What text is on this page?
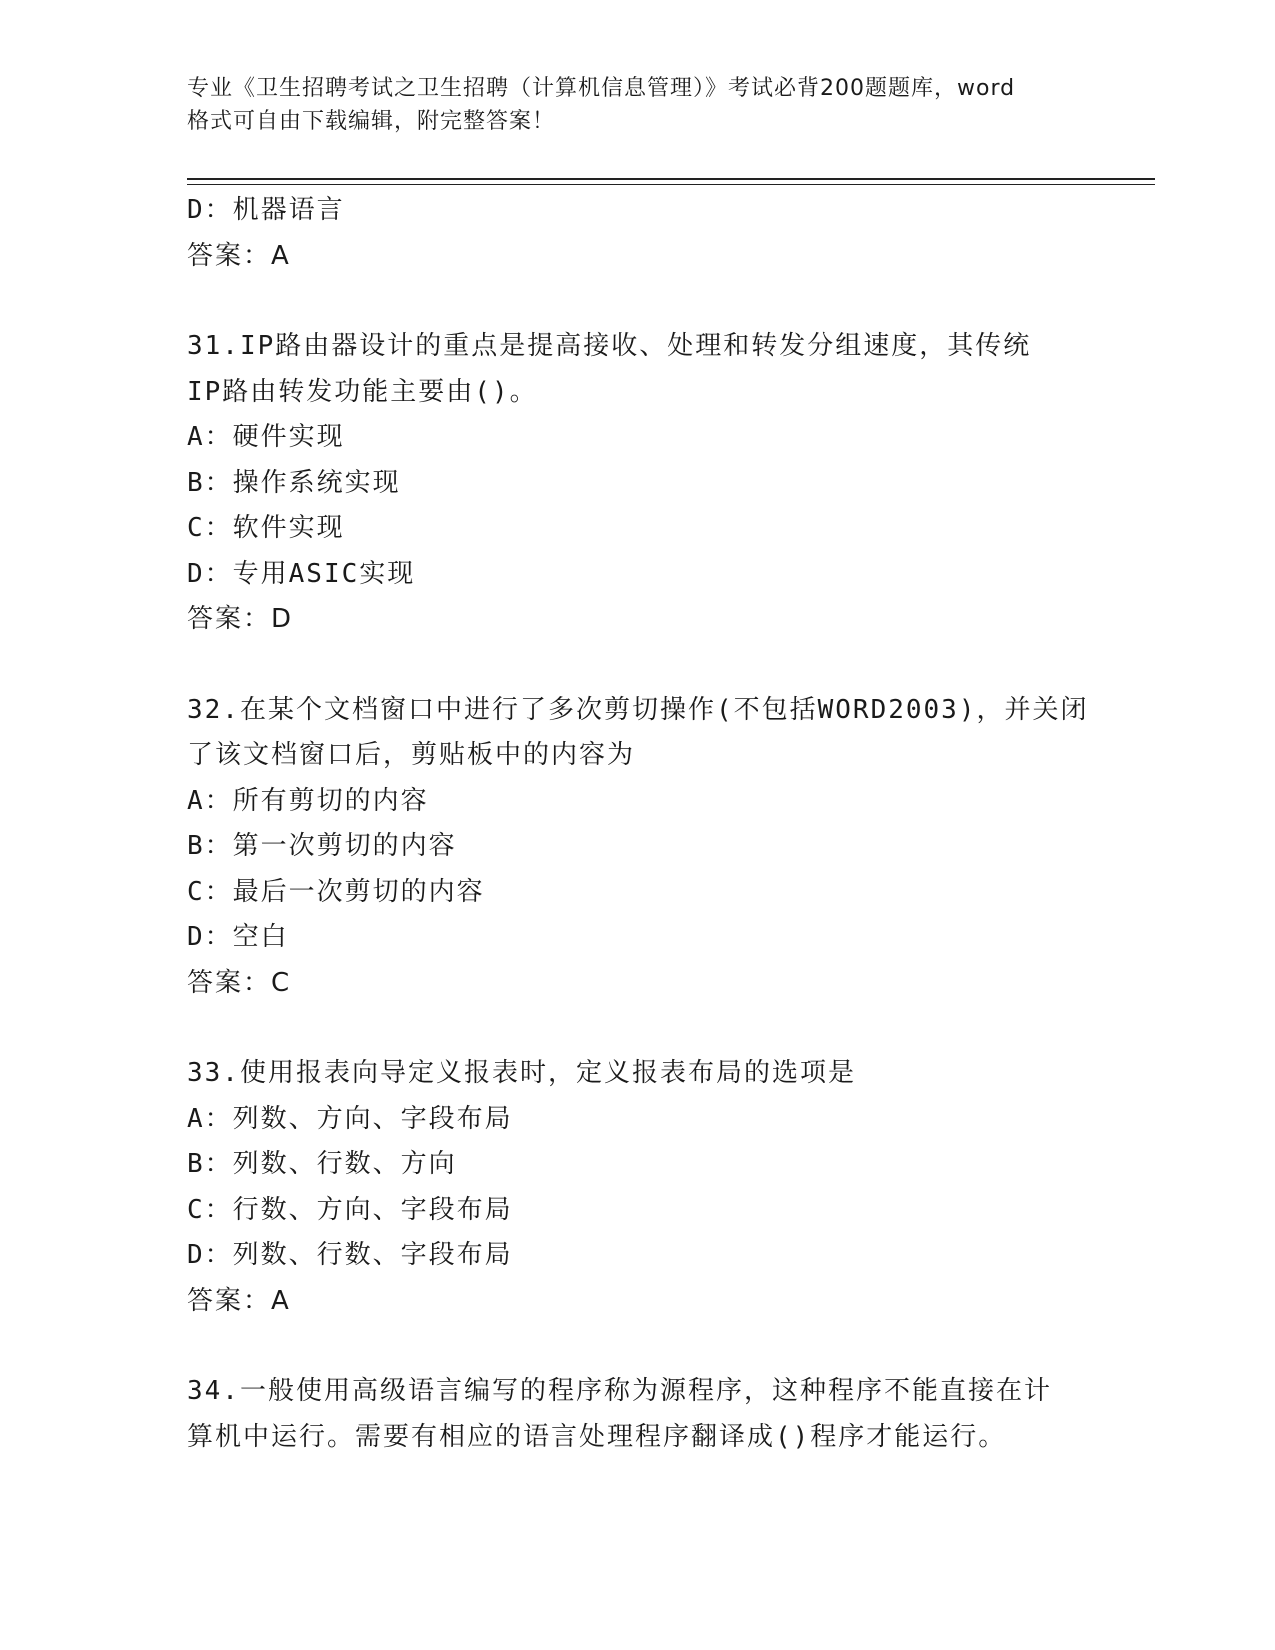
专业《卫生招聘考试之卫生招聘（计算机信息管理）》考试必背200题题库，word
格式可自由下载编辑，附完整答案！
D：机器语言
答案：A
31.IP路由器设计的重点是提高接收、处理和转发分组速度，其传统
IP路由转发功能主要由()。
A：硬件实现
B：操作系统实现
C：软件实现
D：专用ASIC实现
答案：D
32.在某个文档窗口中进行了多次剪切操作(不包括WORD2003)，并关闭
了该文档窗口后，剪贴板中的内容为
A：所有剪切的内容
B：第一次剪切的内容
C：最后一次剪切的内容
D：空白
答案：C
33.使用报表向导定义报表时，定义报表布局的选项是
A：列数、方向、字段布局
B：列数、行数、方向
C：行数、方向、字段布局
D：列数、行数、字段布局
答案：A
34.一般使用高级语言编写的程序称为源程序，这种程序不能直接在计
算机中运行。需要有相应的语言处理程序翻译成()程序才能运行。
